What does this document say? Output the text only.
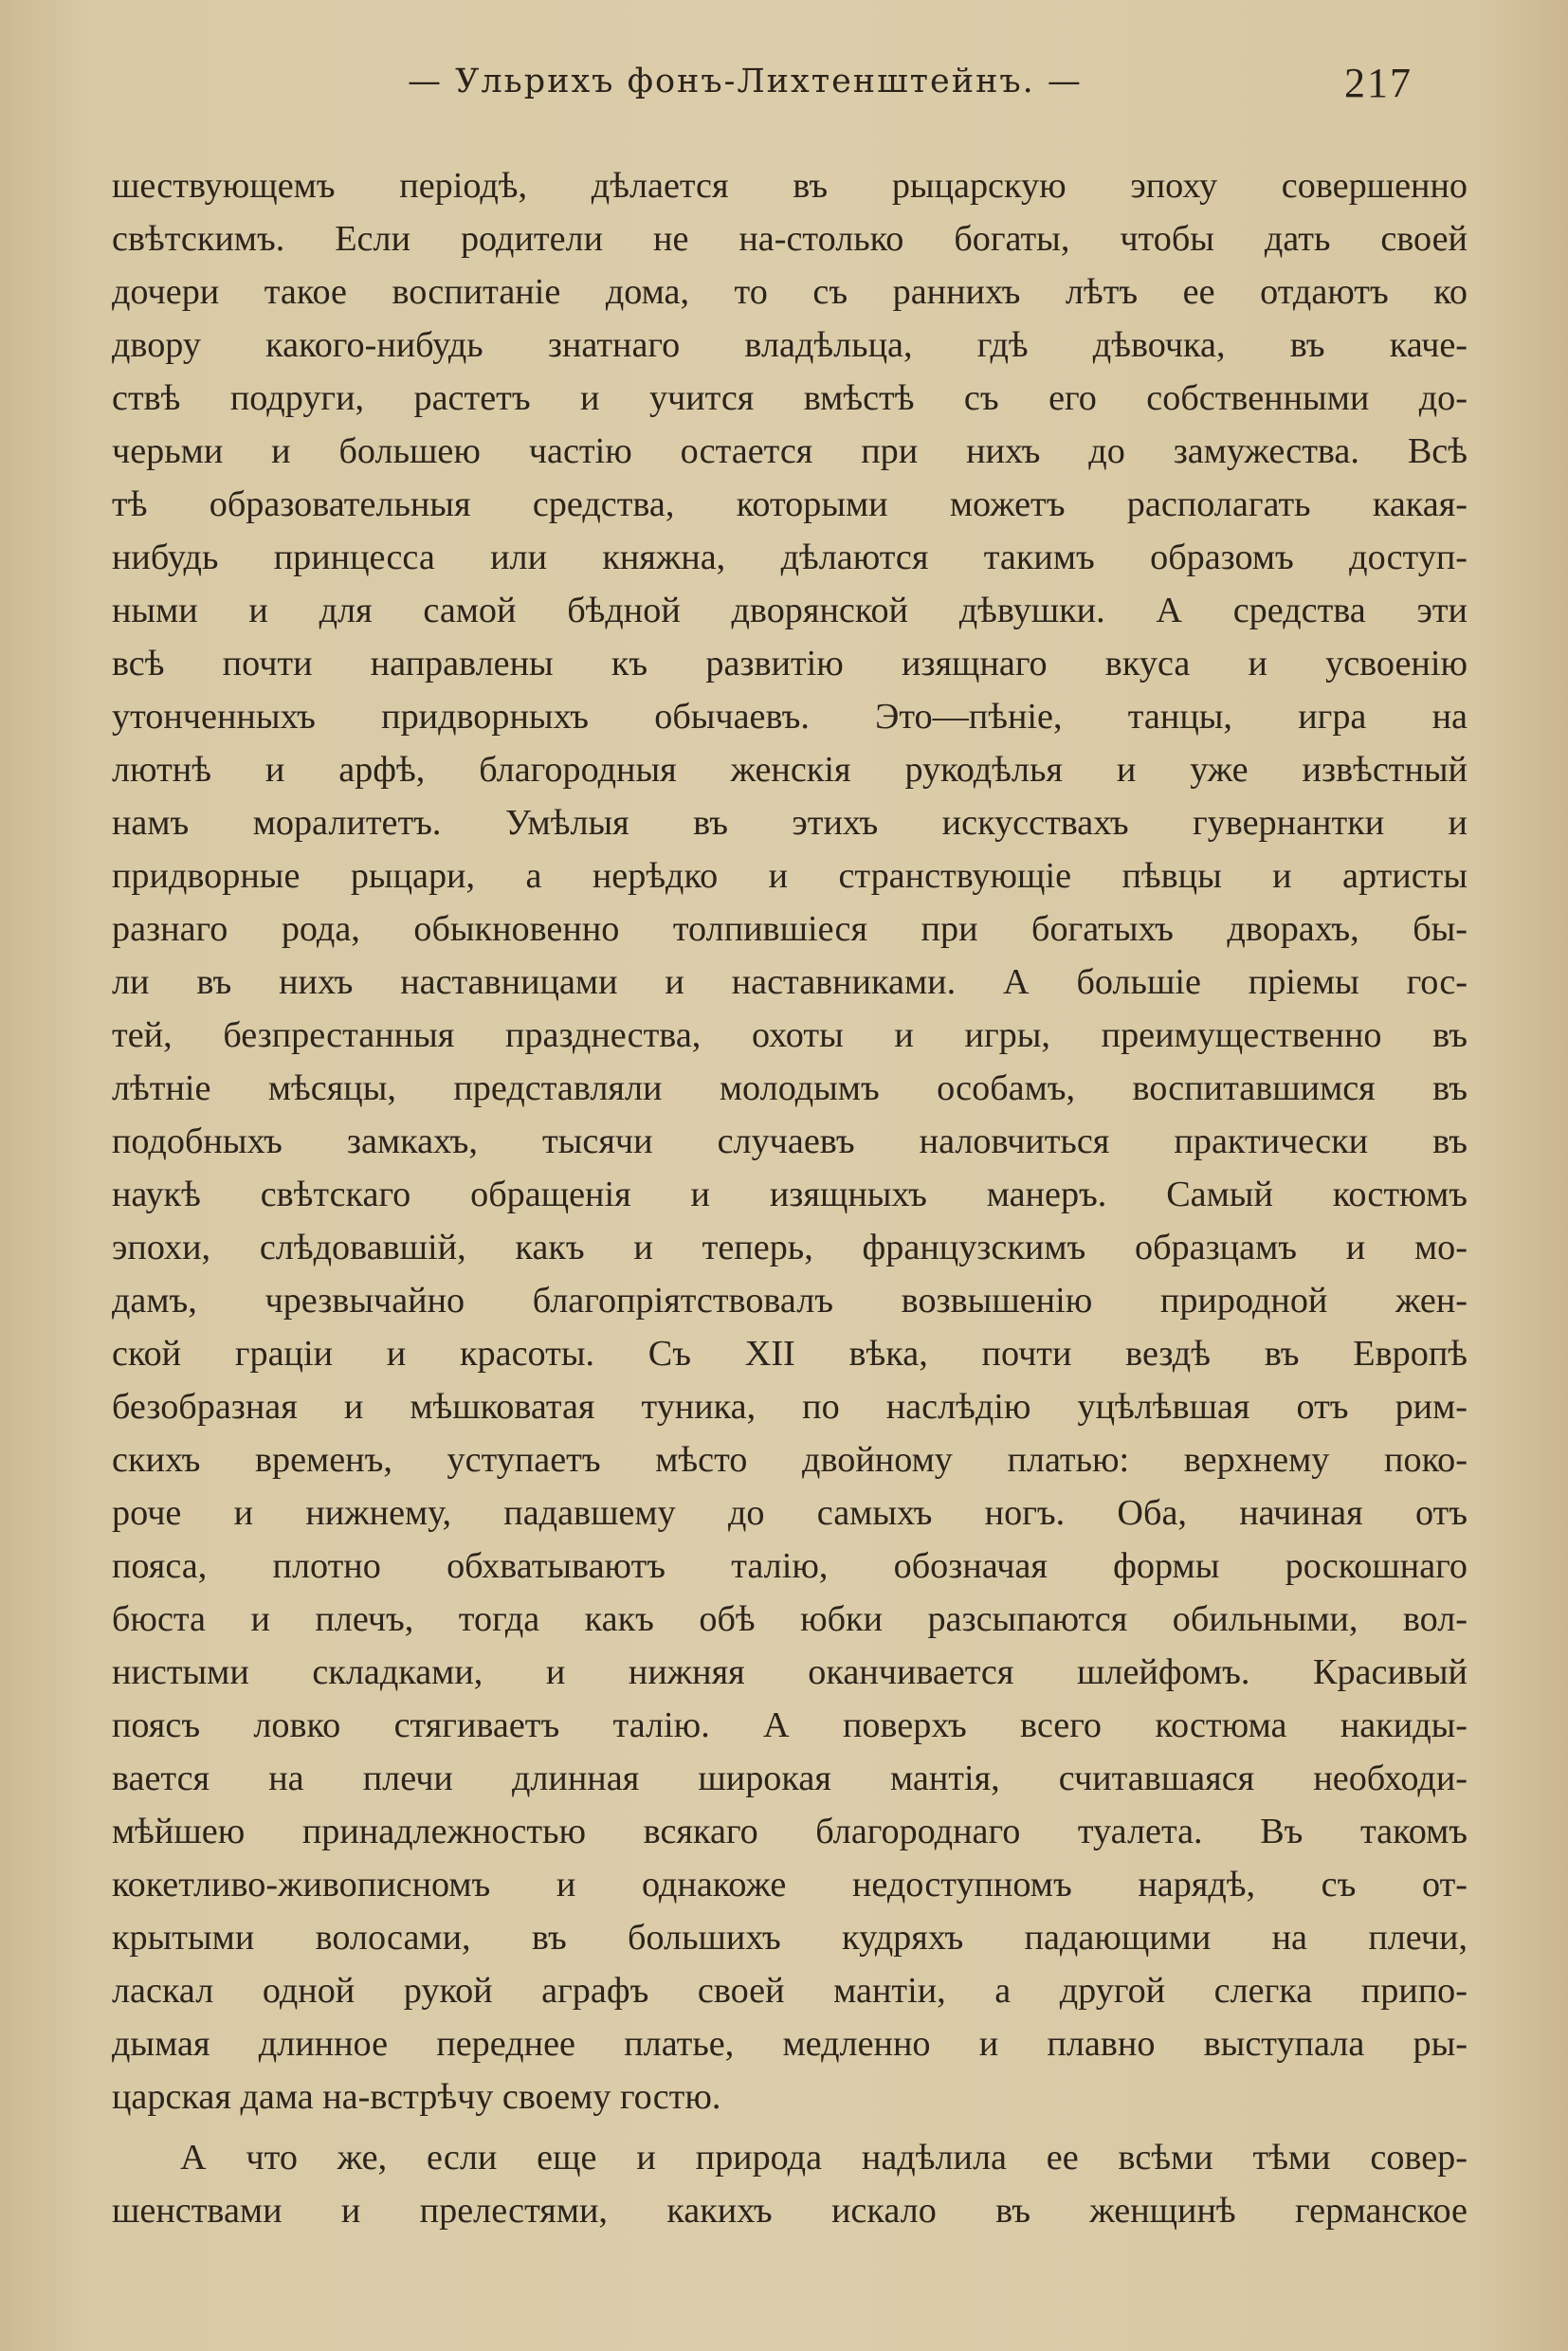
— Ульрихъ фонъ-Лихтенштейнъ. —	217
шествующемъ періодѣ, дѣлается въ рыцарскую эпоху совершенно
свѣтскимъ. Если родители не на-столько богаты, чтобы дать своей
дочери такое воспитаніе дома, то съ раннихъ лѣтъ ее отдаютъ ко
двору какого-нибудь знатнаго владѣльца, гдѣ дѣвочка, въ каче-
ствѣ подруги, растетъ и учится вмѣстѣ съ его собственными до-
черьми и большею частію остается при нихъ до замужества. Всѣ
тѣ образовательныя средства, которыми можетъ располагать какая-
нибудь принцесса или княжна, дѣлаются такимъ образомъ доступ-
ными и для самой бѣдной дворянской дѣвушки. А средства эти
всѣ почти направлены къ развитію изящнаго вкуса и усвоенію
утонченныхъ придворныхъ обычаевъ. Это—пѣніе, танцы, игра на
лютнѣ и арфѣ, благородныя женскія рукодѣлья и уже извѣстный
намъ моралитетъ. Умѣлыя въ этихъ искусствахъ гувернантки и
придворные рыцари, а нерѣдко и странствующіе пѣвцы и артисты
разнаго рода, обыкновенно толпившіеся при богатыхъ дворахъ, бы-
ли въ нихъ наставницами и наставниками. А большіе пріемы гос-
тей, безпрестанныя празднества, охоты и игры, преимущественно въ
лѣтніе мѣсяцы, представляли молодымъ особамъ, воспитавшимся въ
подобныхъ замкахъ, тысячи случаевъ наловчиться практически въ
наукѣ свѣтскаго обращенія и изящныхъ манеръ. Самый костюмъ
эпохи, слѣдовавшій, какъ и теперь, французскимъ образцамъ и мо-
дамъ, чрезвычайно благопріятствовалъ возвышенію природной жен-
ской граціи и красоты. Съ XII вѣка, почти вездѣ въ Европѣ
безобразная и мѣшковатая туника, по наслѣдію уцѣлѣвшая отъ рим-
скихъ временъ, уступаетъ мѣсто двойному платью: верхнему поко-
роче и нижнему, падавшему до самыхъ ногъ. Оба, начиная отъ
пояса, плотно обхватываютъ талію, обозначая формы роскошнаго
бюста и плечъ, тогда какъ обѣ юбки разсыпаются обильными, вол-
нистыми складками, и нижняя оканчивается шлейфомъ. Красивый
поясъ ловко стягиваетъ талію. А поверхъ всего костюма накиды-
вается на плечи длинная широкая мантія, считавшаяся необходи-
мѣйшею принадлежностью всякаго благороднаго туалета. Въ такомъ
кокетливо-живописномъ и однакоже недоступномъ нарядѣ, съ от-
крытыми волосами, въ большихъ кудряхъ падающими на плечи,
ласкал одной рукой аграфъ своей мантіи, а другой слегка припо-
дымая длинное переднее платье, медленно и плавно выступала ры-
царская дама на-встрѣчу своему гостю.
А что же, если еще и природа надѣлила ее всѣми тѣми совер-
шенствами и прелестями, какихъ искало въ женщинѣ германское
